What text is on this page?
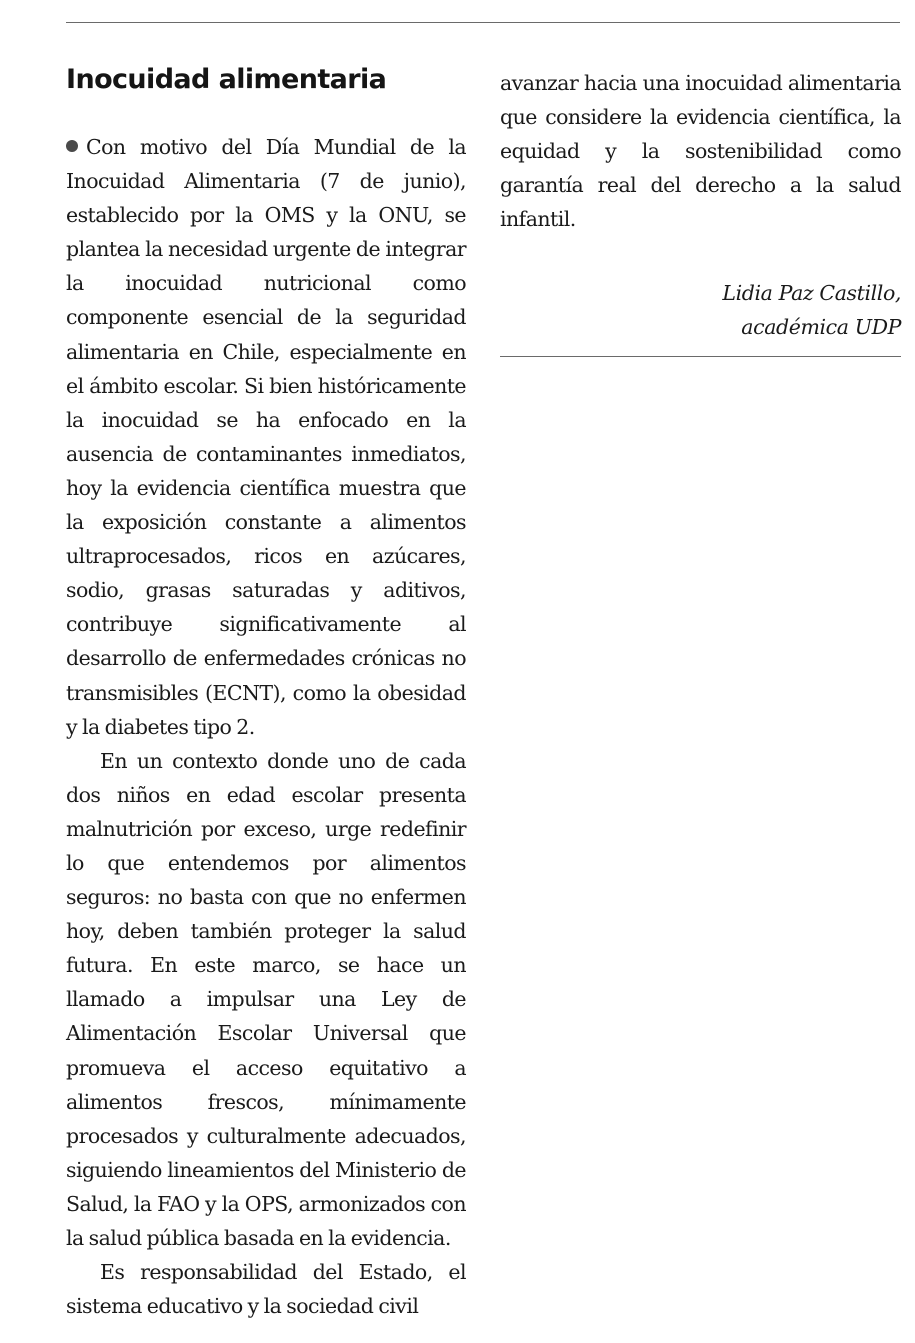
Inocuidad alimentaria

Con motivo del Día Mundial de la Inocuidad Alimentaria (7 de junio), establecido por la OMS y la ONU, se plantea la necesidad urgente de integrar la inocuidad nutricional como componente esencial de la seguridad alimentaria en Chile, especialmente en el ámbito escolar. Si bien históricamente la inocuidad se ha enfocado en la ausencia de contaminantes inmediatos, hoy la evidencia científica muestra que la exposición constante a alimentos ultraprocesados, ricos en azúcares, sodio, grasas saturadas y aditivos, contribuye significativamente al desarrollo de enfermedades crónicas no transmisibles (ECNT), como la obesidad y la diabetes tipo 2.

En un contexto donde uno de cada dos niños en edad escolar presenta malnutrición por exceso, urge redefinir lo que entendemos por alimentos seguros: no basta con que no enfermen hoy, deben también proteger la salud futura. En este marco, se hace un llamado a impulsar una Ley de Alimentación Escolar Universal que promueva el acceso equitativo a alimentos frescos, mínimamente procesados y culturalmente adecuados, siguiendo lineamientos del Ministerio de Salud, la FAO y la OPS, armonizados con la salud pública basada en la evidencia.

Es responsabilidad del Estado, el sistema educativo y la sociedad civil

avanzar hacia una inocuidad alimentaria que considere la evidencia científica, la equidad y la sostenibilidad como garantía real del derecho a la salud infantil.

Lidia Paz Castillo,
académica UDP
